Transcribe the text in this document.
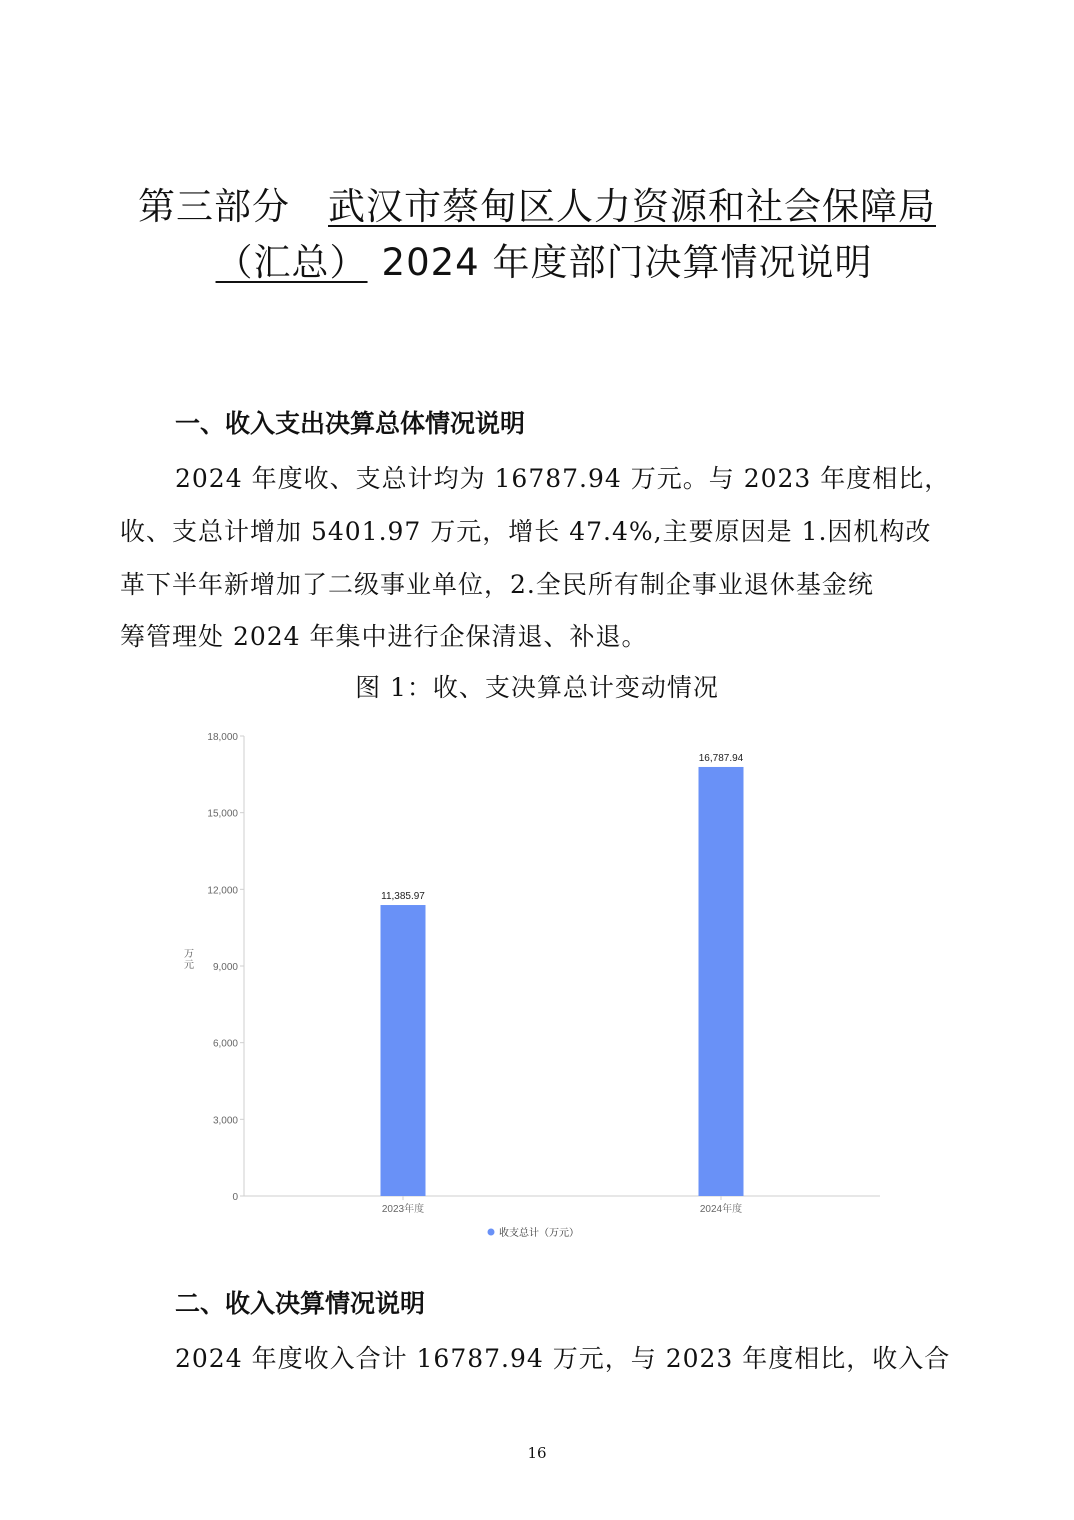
第三部分　武汉市蔡甸区人力资源和社会保障局
（汇总） 2024 年度部门决算情况说明
一、收入支出决算总体情况说明
2024 年度收、支总计均为 16787.94 万元。与 2023 年度相比，
收、支总计增加 5401.97 万元，增长 47.4%,主要原因是 1.因机构改
革下半年新增加了二级事业单位，2.全民所有制企事业退休基金统
筹管理处 2024 年集中进行企保清退、补退。
图 1：收、支决算总计变动情况
0
3,000
6,000
9,000
12,000
15,000
18,000
万
元
11,385.97
2023年度
16,787.94
2024年度
收支总计（万元）
二、收入决算情况说明
2024 年度收入合计 16787.94 万元，与 2023 年度相比，收入合
16
